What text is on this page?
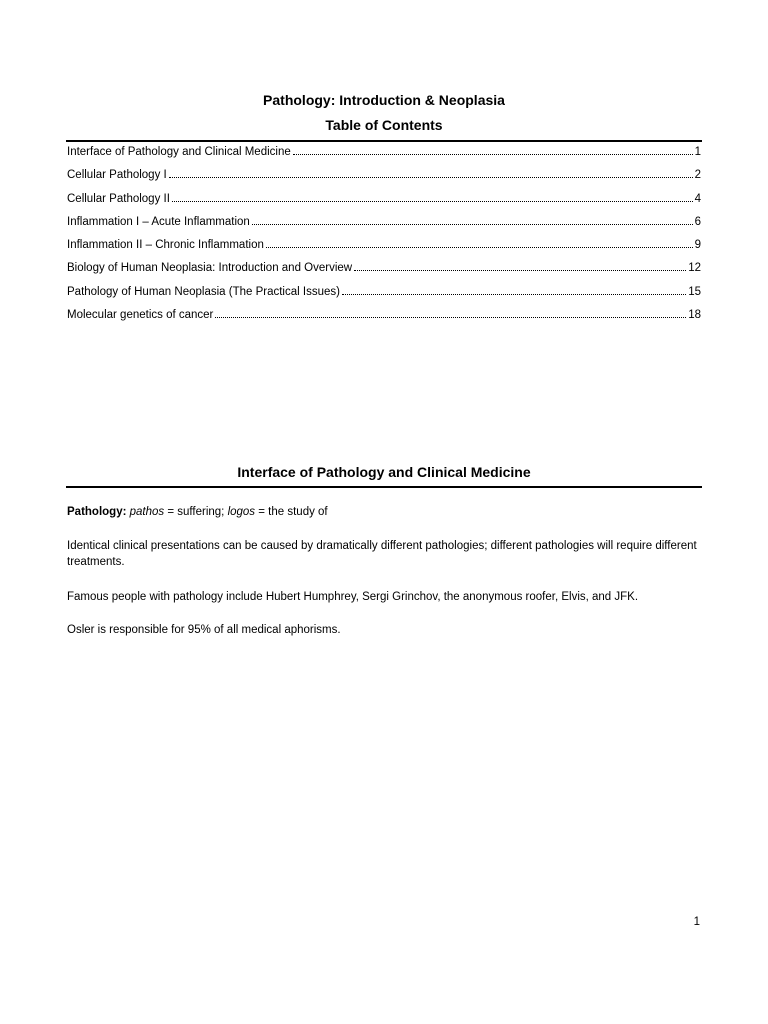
Pathology: Introduction & Neoplasia
Table of Contents
Interface of Pathology and Clinical Medicine	1
Cellular Pathology I	2
Cellular Pathology II	4
Inflammation I – Acute Inflammation	6
Inflammation II – Chronic Inflammation	9
Biology of Human Neoplasia: Introduction and Overview	12
Pathology of Human Neoplasia (The Practical Issues)	15
Molecular genetics of cancer	18
Interface of Pathology and Clinical Medicine

Pathology: pathos = suffering; logos = the study of

Identical clinical presentations can be caused by dramatically different pathologies; different pathologies will require different treatments.

Famous people with pathology include Hubert Humphrey, Sergi Grinchov, the anonymous roofer, Elvis, and JFK.

Osler is responsible for 95% of all medical aphorisms.

1
